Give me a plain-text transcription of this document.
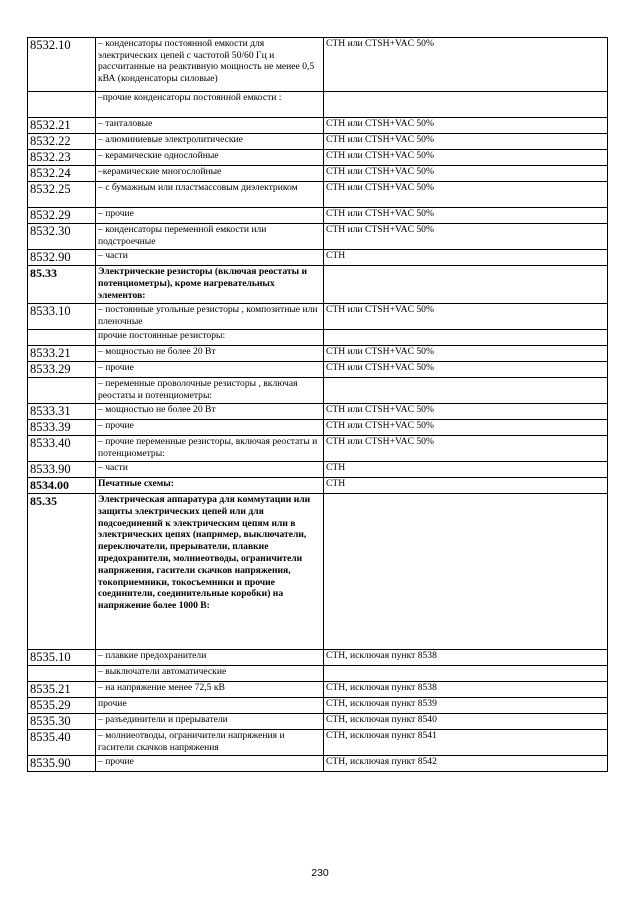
8532.10	– конденсаторы постоянной емкости для электрических цепей с частотой 50/60 Гц и рассчитанные на реактивную мощность не менее 0,5 кВА (конденсаторы силовые)	СТН или СТSH+VAC 50%
	–прочие конденсаторы постоянной емкости :	
8532.21	– танталовые	СТН или СТSH+VAC 50%
8532.22	– алюминиевые электролитические	СТН или СТSH+VAC 50%
8532.23	– керамические однослойные	СТН или СТSH+VAC 50%
8532.24	–керамические многослойные	СТН или СТSH+VAC 50%
8532.25	– с бумажным или пластмассовым диэлектриком	СТН или СТSH+VAC 50%
8532.29	– прочие	СТН или СТSH+VAC 50%
8532.30	– конденсаторы переменной емкости или подстроечные	СТН или СТSH+VAC 50%
8532.90	– части	СТН
85.33	Электрические резисторы (включая реостаты и потенциометры), кроме нагревательных элементов:	
8533.10	– постоянные угольные резисторы , композитные или пленочные	СТН или СТSH+VAC 50%
	прочие постоянные резисторы:	
8533.21	– мощностью не более 20 Вт	СТН или СТSH+VAC 50%
8533.29	– прочие	СТН или СТSH+VAC 50%
	– переменные проволочные резисторы , включая реостаты и потенциометры:	
8533.31	– мощностью не более 20 Вт	СТН или СТSH+VAC 50%
8533.39	– прочие	СТН или СТSH+VAC 50%
8533.40	– прочие переменные резисторы, включая реостаты и потенциометры:	СТН или СТSH+VAC 50%
8533.90	– части	СТН
8534.00	Печатные схемы:	СТН
85.35	Электрическая аппаратура для коммутации или защиты электрических цепей или для подсоединений к электрическим цепям или в электрических цепях (например, выключатели, переключатели, прерыватели, плавкие предохранители, молниеотводы, ограничители напряжения, гасители скачков напряжения, токоприемники, токосъемники и прочие соединители, соединительные коробки) на напряжение более 1000 В:	
8535.10	– плавкие предохранители	СТН, исключая пункт 8538
	– выключатели автоматические	
8535.21	– на напряжение менее 72,5 кВ	СТН, исключая пункт 8538
8535.29	прочие	СТН, исключая пункт 8539
8535.30	– разъединители и прерыватели	СТН, исключая пункт 8540
8535.40	– молниеотводы, ограничители напряжения и гасители скачков напряжения	СТН, исключая пункт 8541
8535.90	– прочие	СТН, исключая пункт 8542
230
